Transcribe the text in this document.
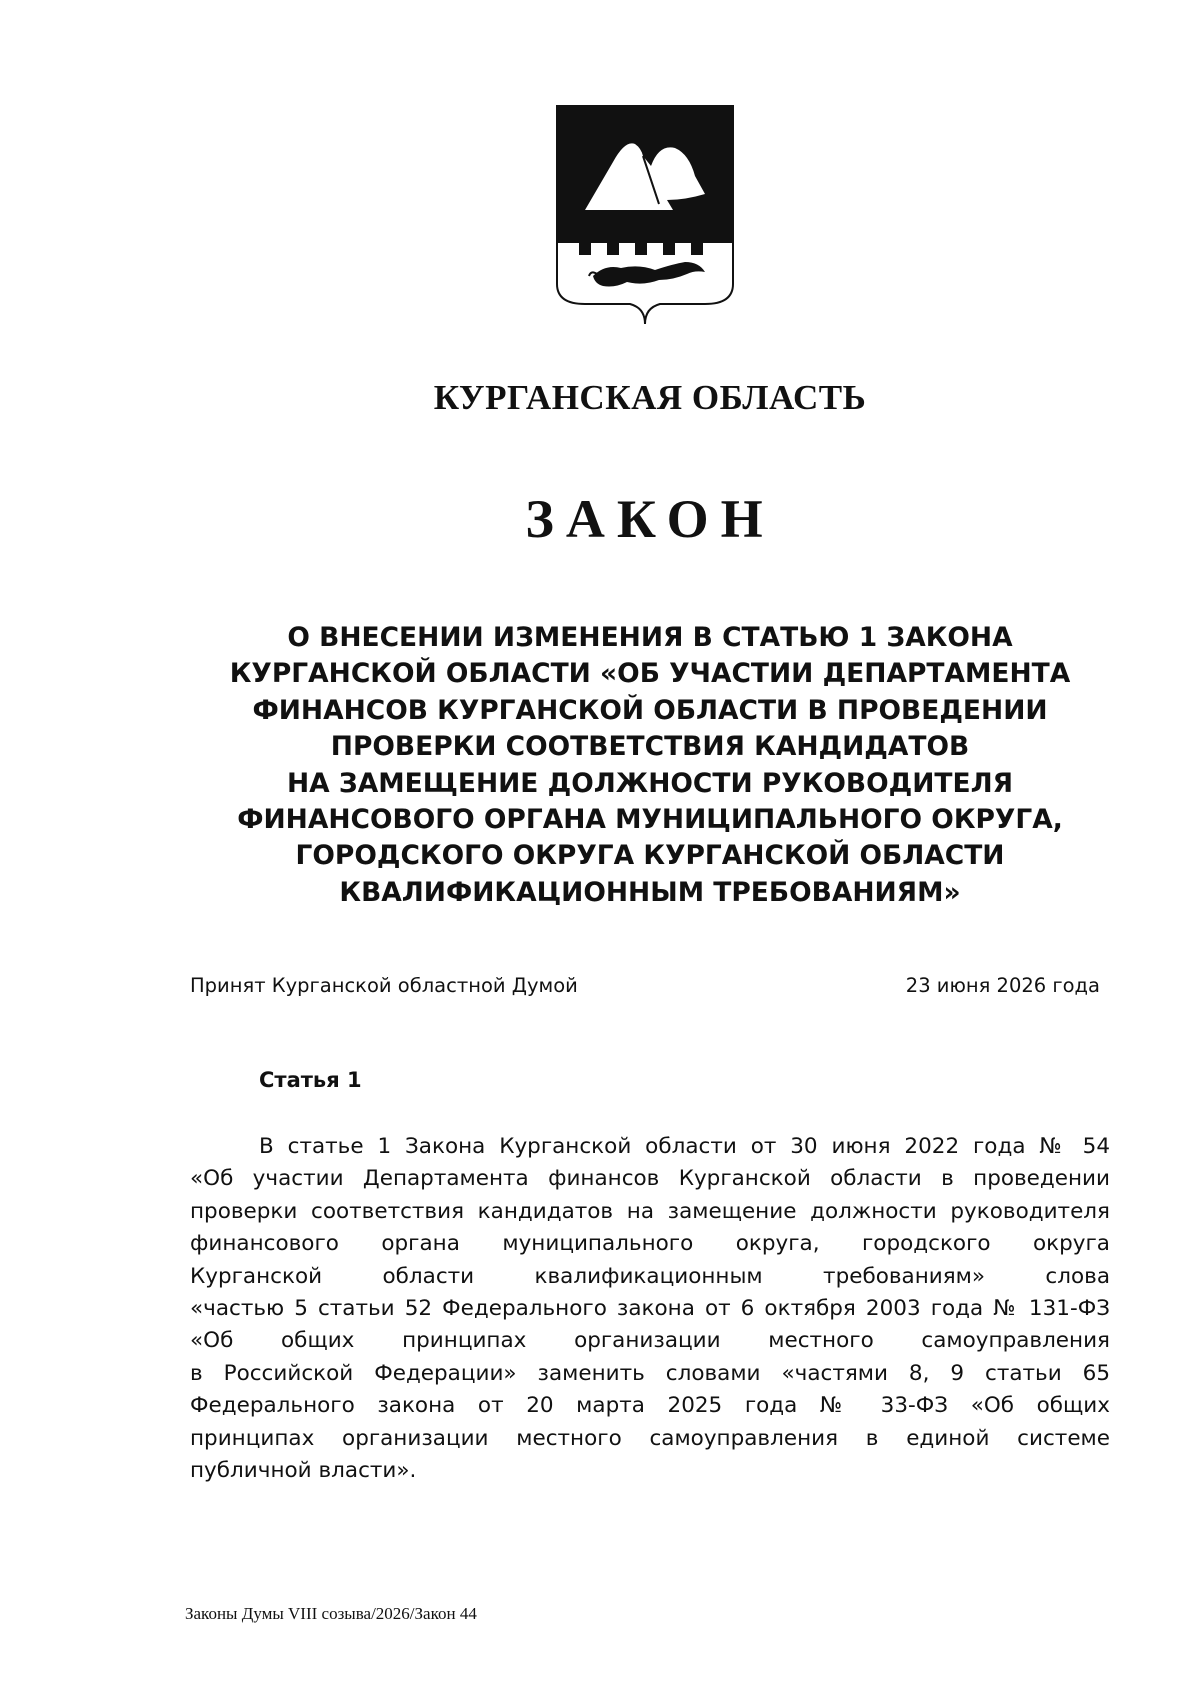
КУРГАНСКАЯ ОБЛАСТЬ
ЗАКОН
О ВНЕСЕНИИ ИЗМЕНЕНИЯ В СТАТЬЮ 1 ЗАКОНА
КУРГАНСКОЙ ОБЛАСТИ «ОБ УЧАСТИИ ДЕПАРТАМЕНТА
ФИНАНСОВ КУРГАНСКОЙ ОБЛАСТИ В ПРОВЕДЕНИИ
ПРОВЕРКИ СООТВЕТСТВИЯ КАНДИДАТОВ
НА ЗАМЕЩЕНИЕ ДОЛЖНОСТИ РУКОВОДИТЕЛЯ
ФИНАНСОВОГО ОРГАНА МУНИЦИПАЛЬНОГО ОКРУГА,
ГОРОДСКОГО ОКРУГА КУРГАНСКОЙ ОБЛАСТИ
КВАЛИФИКАЦИОННЫМ ТРЕБОВАНИЯМ»
Принят Курганской областной Думой	23 июня 2026 года
Статья 1

В статье 1 Закона Курганской области от 30 июня 2022 года № 54
«Об участии Департамента финансов Курганской области в проведении
проверки соответствия кандидатов на замещение должности руководителя
финансового органа муниципального округа, городского округа
Курганской области квалификационным требованиям» слова
«частью 5 статьи 52 Федерального закона от 6 октября 2003 года № 131-ФЗ
«Об общих принципах организации местного самоуправления
в Российской Федерации» заменить словами «частями 8, 9 статьи 65
Федерального закона от 20 марта 2025 года № 33-ФЗ «Об общих
принципах организации местного самоуправления в единой системе
публичной власти».

Законы Думы VIII созыва/2026/Закон 44
